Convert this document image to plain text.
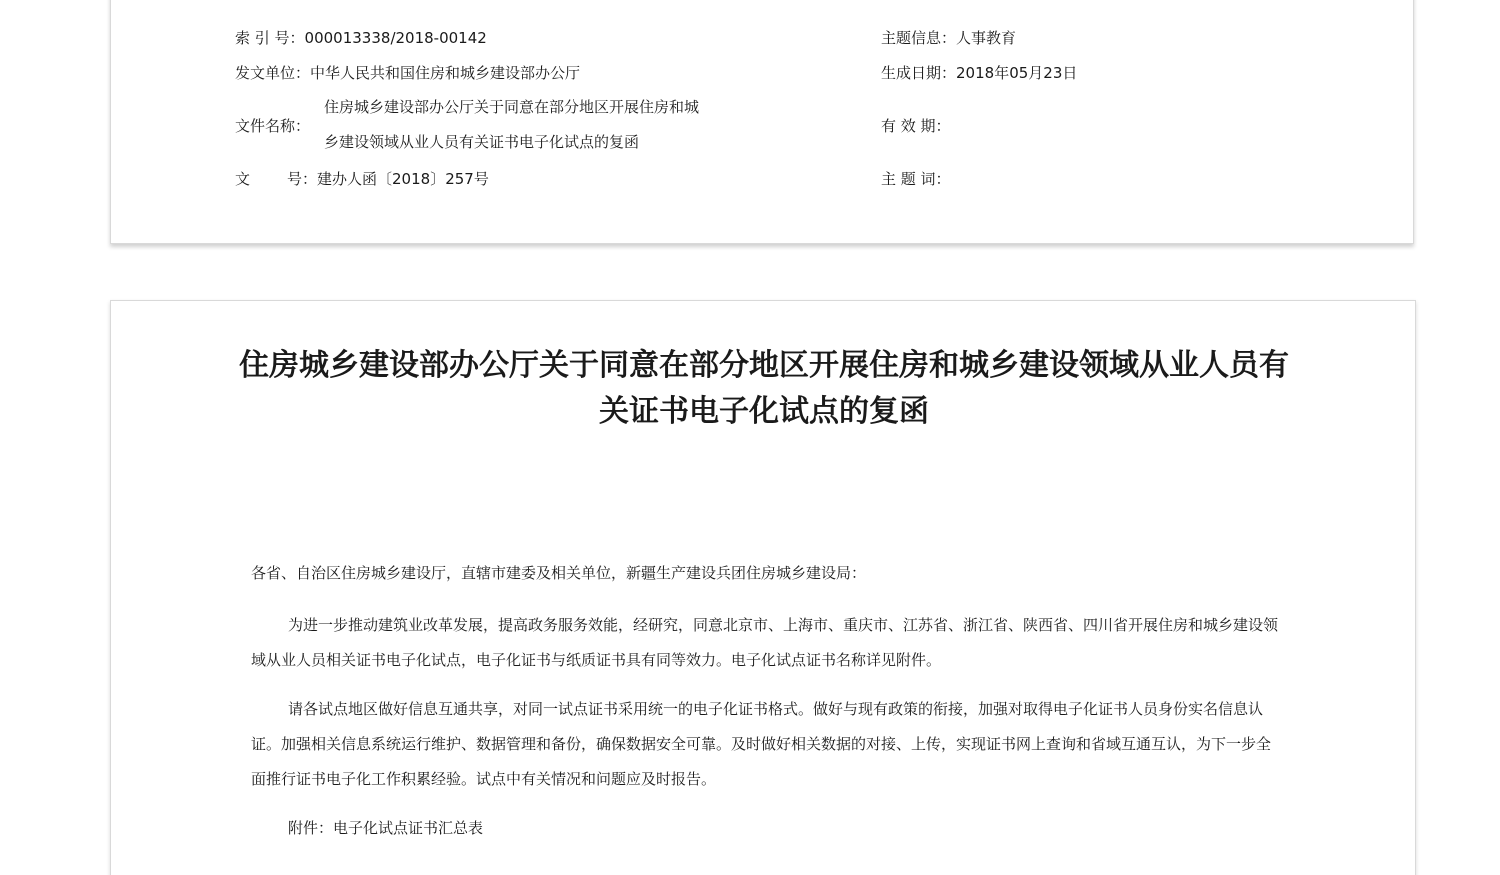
索 引 号：000013338/2018-00142
发文单位：中华人民共和国住房和城乡建设部办公厅
文件名称：
住房城乡建设部办公厅关于同意在部分地区开展住房和城
乡建设领域从业人员有关证书电子化试点的复函
文 号：建办人函〔2018〕257号
主题信息：人事教育
生成日期：2018年05月23日
有 效 期：
主 题 词：
住房城乡建设部办公厅关于同意在部分地区开展住房和城乡建设领域从业人员有
关证书电子化试点的复函

各省、自治区住房城乡建设厅，直辖市建委及相关单位，新疆生产建设兵团住房城乡建设局：

为进一步推动建筑业改革发展，提高政务服务效能，经研究，同意北京市、上海市、重庆市、江苏省、浙江省、陕西省、四川省开展住房和城乡建设领域从业人员相关证书电子化试点，电子化证书与纸质证书具有同等效力。电子化试点证书名称详见附件。

请各试点地区做好信息互通共享，对同一试点证书采用统一的电子化证书格式。做好与现有政策的衔接，加强对取得电子化证书人员身份实名信息认证。加强相关信息系统运行维护、数据管理和备份，确保数据安全可靠。及时做好相关数据的对接、上传，实现证书网上查询和省域互通互认，为下一步全面推行证书电子化工作积累经验。试点中有关情况和问题应及时报告。

附件：电子化试点证书汇总表
